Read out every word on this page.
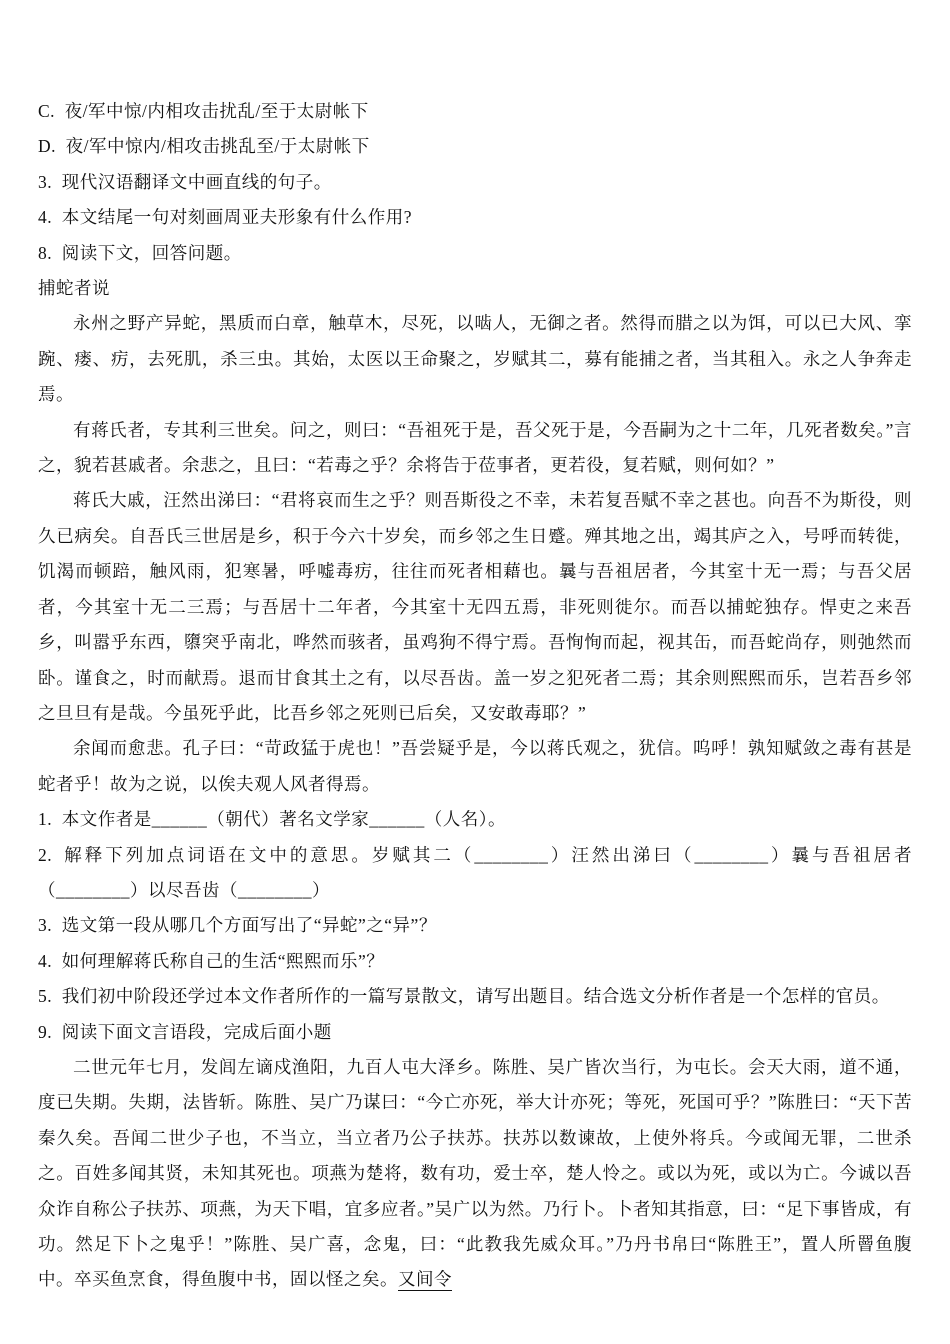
C. 夜/军中惊/内相攻击扰乱/至于太尉帐下

D. 夜/军中惊内/相攻击挑乱至/于太尉帐下

3. 现代汉语翻译文中画直线的句子。

4. 本文结尾一句对刻画周亚夫形象有什么作用?

8. 阅读下文，回答问题。

捕蛇者说

永州之野产异蛇，黑质而白章，触草木，尽死，以啮人，无御之者。然得而腊之以为饵，可以已大风、挛踠、瘘、疠，去死肌，杀三虫。其始，太医以王命聚之，岁赋其二，募有能捕之者，当其租入。永之人争奔走焉。

有蒋氏者，专其利三世矣。问之，则曰：“吾祖死于是，吾父死于是，今吾嗣为之十二年，几死者数矣。”言之，貌若甚戚者。余悲之，且曰：“若毒之乎？余将告于莅事者，更若役，复若赋，则何如？”

蒋氏大戚，汪然出涕曰：“君将哀而生之乎？则吾斯役之不幸，未若复吾赋不幸之甚也。向吾不为斯役，则久已病矣。自吾氏三世居是乡，积于今六十岁矣，而乡邻之生日蹙。殚其地之出，竭其庐之入，号呼而转徙，饥渴而顿踣，触风雨，犯寒暑，呼嘘毒疠，往往而死者相藉也。曩与吾祖居者，今其室十无一焉；与吾父居者，今其室十无二三焉；与吾居十二年者，今其室十无四五焉，非死则徙尔。而吾以捕蛇独存。悍吏之来吾乡，叫嚣乎东西，隳突乎南北，哗然而骇者，虽鸡狗不得宁焉。吾恂恂而起，视其缶，而吾蛇尚存，则弛然而卧。谨食之，时而献焉。退而甘食其土之有，以尽吾齿。盖一岁之犯死者二焉；其余则熙熙而乐，岂若吾乡邻之旦旦有是哉。今虽死乎此，比吾乡邻之死则已后矣，又安敢毒耶？”

余闻而愈悲。孔子曰：“苛政猛于虎也！”吾尝疑乎是，今以蒋氏观之，犹信。呜呼！孰知赋敛之毒有甚是蛇者乎！故为之说，以俟夫观人风者得焉。

1. 本文作者是______（朝代）著名文学家______（人名）。

2. 解释下列加点词语在文中的意思。岁赋其二（________）汪然出涕曰（________）曩与吾祖居者（________）以尽吾齿（________）

3. 选文第一段从哪几个方面写出了“异蛇”之“异”？

4. 如何理解蒋氏称自己的生活“熙熙而乐”？

5. 我们初中阶段还学过本文作者所作的一篇写景散文，请写出题目。结合选文分析作者是一个怎样的官员。

9. 阅读下面文言语段，完成后面小题

二世元年七月，发闾左谪戍渔阳，九百人屯大泽乡。陈胜、吴广皆次当行，为屯长。会天大雨，道不通，度已失期。失期，法皆斩。陈胜、吴广乃谋曰：“今亡亦死，举大计亦死；等死，死国可乎？”陈胜曰：“天下苦秦久矣。吾闻二世少子也，不当立，当立者乃公子扶苏。扶苏以数谏故，上使外将兵。今或闻无罪，二世杀之。百姓多闻其贤，未知其死也。项燕为楚将，数有功，爱士卒，楚人怜之。或以为死，或以为亡。今诚以吾众诈自称公子扶苏、项燕，为天下唱，宜多应者。”吴广以为然。乃行卜。卜者知其指意，曰：“足下事皆成，有功。然足下卜之鬼乎！”陈胜、吴广喜，念鬼，曰：“此教我先威众耳。”乃丹书帛曰“陈胜王”，置人所罾鱼腹中。卒买鱼烹食，得鱼腹中书，固以怪之矣。又间令
